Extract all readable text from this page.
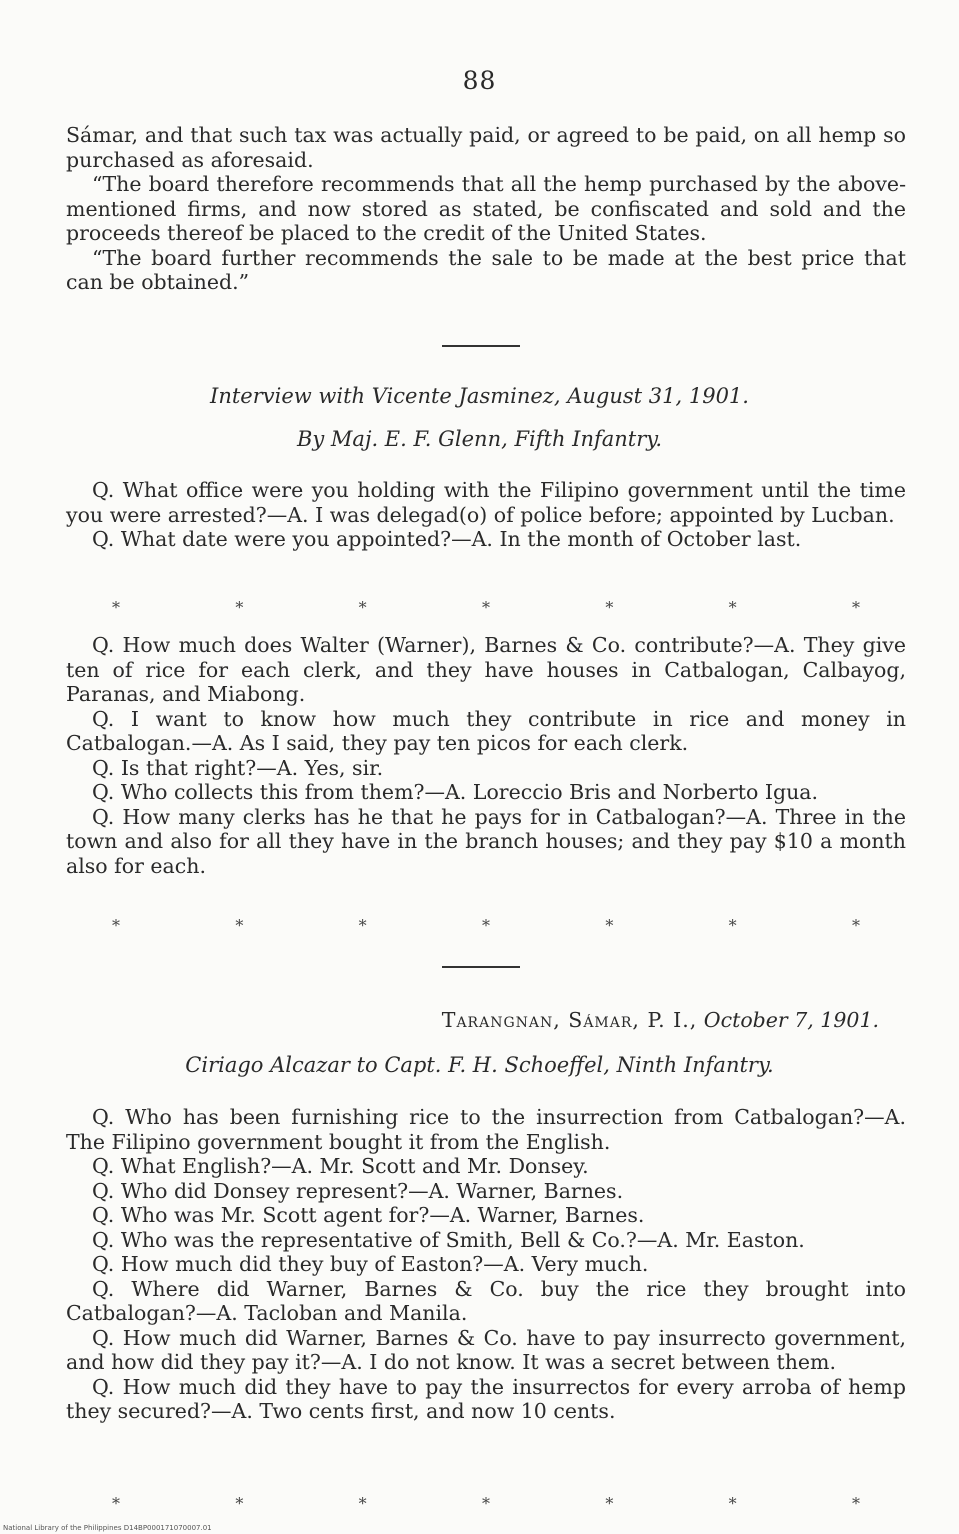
88

Sámar, and that such tax was actually paid, or agreed to be paid, on all hemp so purchased as aforesaid.

“The board therefore recommends that all the hemp purchased by the above-mentioned firms, and now stored as stated, be confiscated and sold and the proceeds thereof be placed to the credit of the United States.

“The board further recommends the sale to be made at the best price that can be obtained.”

Interview with Vicente Jasminez, August 31, 1901.
By Maj. E. F. Glenn, Fifth Infantry.

Q. What office were you holding with the Filipino government until the time you were arrested?—A. I was delegad(o) of police before; appointed by Lucban.

Q. What date were you appointed?—A. In the month of October last.

*	*	*	*	*	*	*

Q. How much does Walter (Warner), Barnes & Co. contribute?—A. They give ten of rice for each clerk, and they have houses in Catbalogan, Calbayog, Paranas, and Miabong.

Q. I want to know how much they contribute in rice and money in Catbalogan.—A. As I said, they pay ten picos for each clerk.

Q. Is that right?—A. Yes, sir.

Q. Who collects this from them?—A. Loreccio Bris and Norberto Igua.

Q. How many clerks has he that he pays for in Catbalogan?—A. Three in the town and also for all they have in the branch houses; and they pay $10 a month also for each.

*	*	*	*	*	*	*
Tarangnan, Sámar, P. I., October 7, 1901.
Ciriago Alcazar to Capt. F. H. Schoeffel, Ninth Infantry.

Q. Who has been furnishing rice to the insurrection from Catbalogan?—A. The Filipino government bought it from the English.

Q. What English?—A. Mr. Scott and Mr. Donsey.

Q. Who did Donsey represent?—A. Warner, Barnes.

Q. Who was Mr. Scott agent for?—A. Warner, Barnes.

Q. Who was the representative of Smith, Bell & Co.?—A. Mr. Easton.

Q. How much did they buy of Easton?—A. Very much.

Q. Where did Warner, Barnes & Co. buy the rice they brought into Catbalogan?—A. Tacloban and Manila.

Q. How much did Warner, Barnes & Co. have to pay insurrecto government, and how did they pay it?—A. I do not know. It was a secret between them.

Q. How much did they have to pay the insurrectos for every arroba of hemp they secured?—A. Two cents first, and now 10 cents.

*	*	*	*	*	*	*
National Library of the Philippines D14BP000171070007.01
